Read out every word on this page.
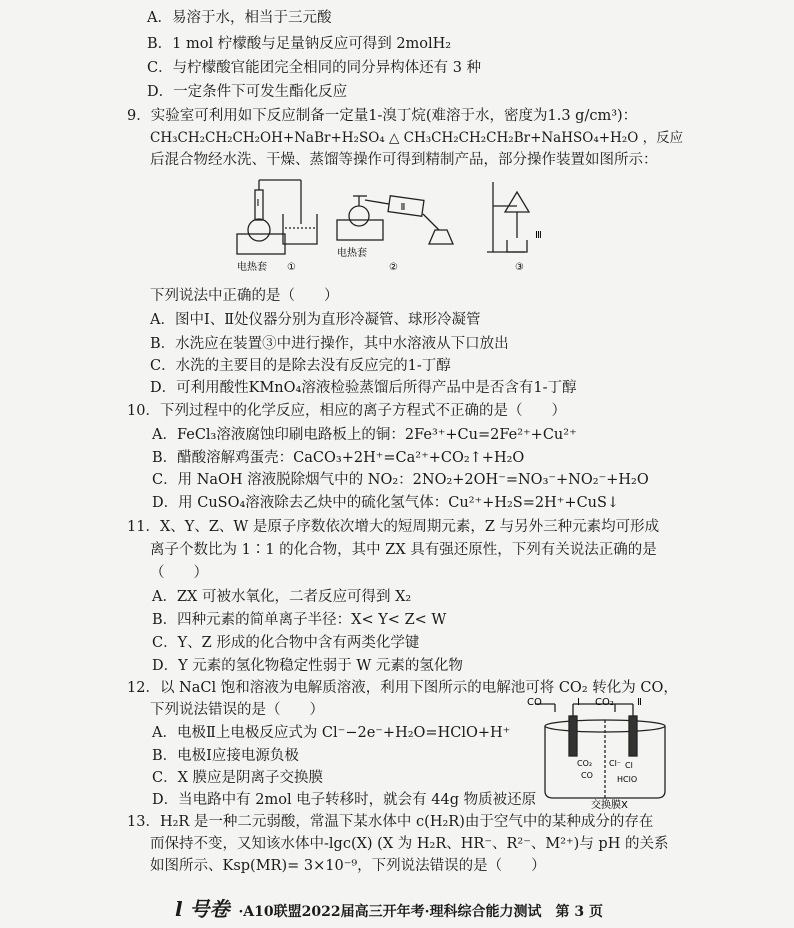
A．易溶于水，相当于三元酸
B．1 mol 柠檬酸与足量钠反应可得到 2molH₂
C．与柠檬酸官能团完全相同的同分异构体还有 3 种
D．一定条件下可发生酯化反应
9．实验室可利用如下反应制备一定量1-溴丁烷(难溶于水，密度为1.3 g/cm³)：
CH₃CH₂CH₂CH₂OH+NaBr+H₂SO₄ △ CH₃CH₂CH₂CH₂Br+NaHSO₄+H₂O ，反应
后混合物经水洗、干燥、蒸馏等操作可得到精制产品，部分操作装置如图所示：
Ⅰ	Ⅱ
Ⅲ
电热套 ①
电热套
②	③
下列说法中正确的是（　　）
A．图中Ⅰ、Ⅱ处仪器分别为直形冷凝管、球形冷凝管
B．水洗应在装置③中进行操作，其中水溶液从下口放出
C．水洗的主要目的是除去没有反应完的1-丁醇
D．可利用酸性KMnO₄溶液检验蒸馏后所得产品中是否含有1-丁醇
10．下列过程中的化学反应，相应的离子方程式不正确的是（　　）
A．FeCl₃溶液腐蚀印刷电路板上的铜：2Fe³⁺+Cu=2Fe²⁺+Cu²⁺
B．醋酸溶解鸡蛋壳：CaCO₃+2H⁺=Ca²⁺+CO₂↑+H₂O
C．用 NaOH 溶液脱除烟气中的 NO₂：2NO₂+2OH⁻=NO₃⁻+NO₂⁻+H₂O
D．用 CuSO₄溶液除去乙炔中的硫化氢气体：Cu²⁺+H₂S=2H⁺+CuS↓
11．X、Y、Z、W 是原子序数依次增大的短周期元素，Z 与另外三种元素均可形成
离子个数比为 1∶1 的化合物，其中 ZX 具有强还原性，下列有关说法正确的是
（　　）
A．ZX 可被水氧化，二者反应可得到 X₂
B．四种元素的简单离子半径：X< Y< Z< W
C．Y、Z 形成的化合物中含有两类化学键
D．Y 元素的氢化物稳定性弱于 W 元素的氢化物
12．以 NaCl 饱和溶液为电解质溶液，利用下图所示的电解池可将 CO₂ 转化为 CO，
下列说法错误的是（　　）
A．电极Ⅱ上电极反应式为 Cl⁻−2e⁻+H₂O=HClO+H⁺
B．电极Ⅰ应接电源负极
C．X 膜应是阴离子交换膜
D．当电路中有 2mol 电子转移时，就会有 44g 物质被还原
CO	Ⅰ CO₂ Ⅱ
CO₂
CO
Cl⁻ Cl
HClO
交换膜X
13．H₂R 是一种二元弱酸，常温下某水体中 c(H₂R)由于空气中的某种成分的存在
而保持不变，又知该水体中-lgc(X) (X 为 H₂R、HR⁻、R²⁻、M²⁺)与 pH 的关系
如图所示、Ksp(MR)= 3×10⁻⁹，下列说法错误的是（　　）
l 号卷 ·A10联盟2022届高三开年考·理科综合能力测试　第 3 页
